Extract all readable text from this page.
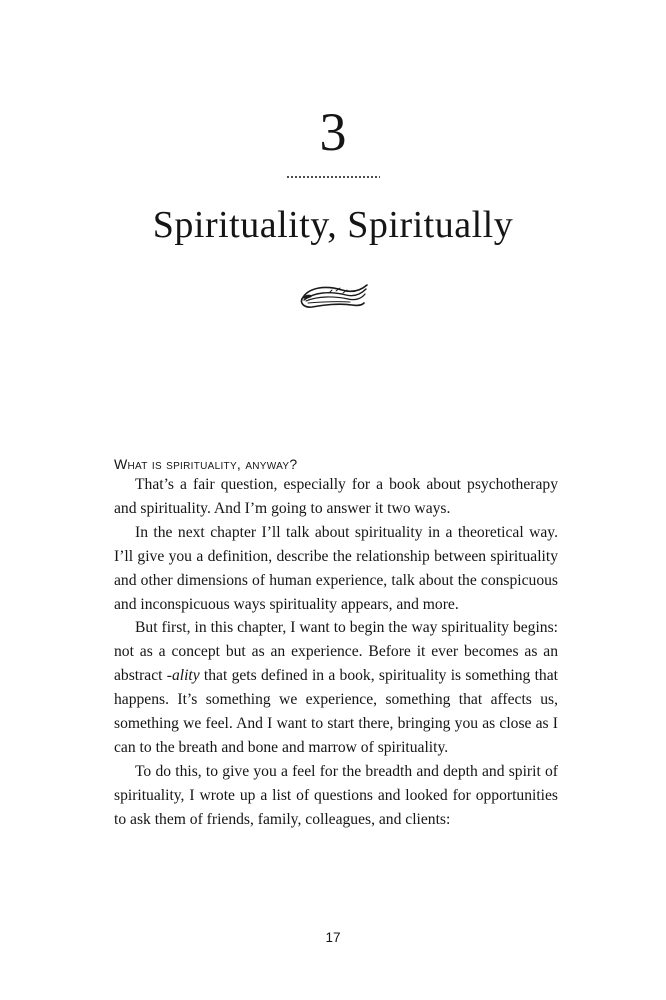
3
Spirituality, Spiritually
What is spirituality, anyway?

That’s a fair question, especially for a book about psychotherapy and spirituality. And I’m going to answer it two ways.

In the next chapter I’ll talk about spirituality in a theoretical way. I’ll give you a definition, describe the relationship between spirituality and other dimensions of human experience, talk about the conspicuous and inconspicuous ways spirituality appears, and more.

But first, in this chapter, I want to begin the way spirituality begins: not as a concept but as an experience. Before it ever becomes as an abstract -ality that gets defined in a book, spirituality is something that happens. It’s something we experience, something that affects us, something we feel. And I want to start there, bringing you as close as I can to the breath and bone and marrow of spirituality.

To do this, to give you a feel for the breadth and depth and spirit of spirituality, I wrote up a list of questions and looked for opportunities to ask them of friends, family, colleagues, and clients:

17
